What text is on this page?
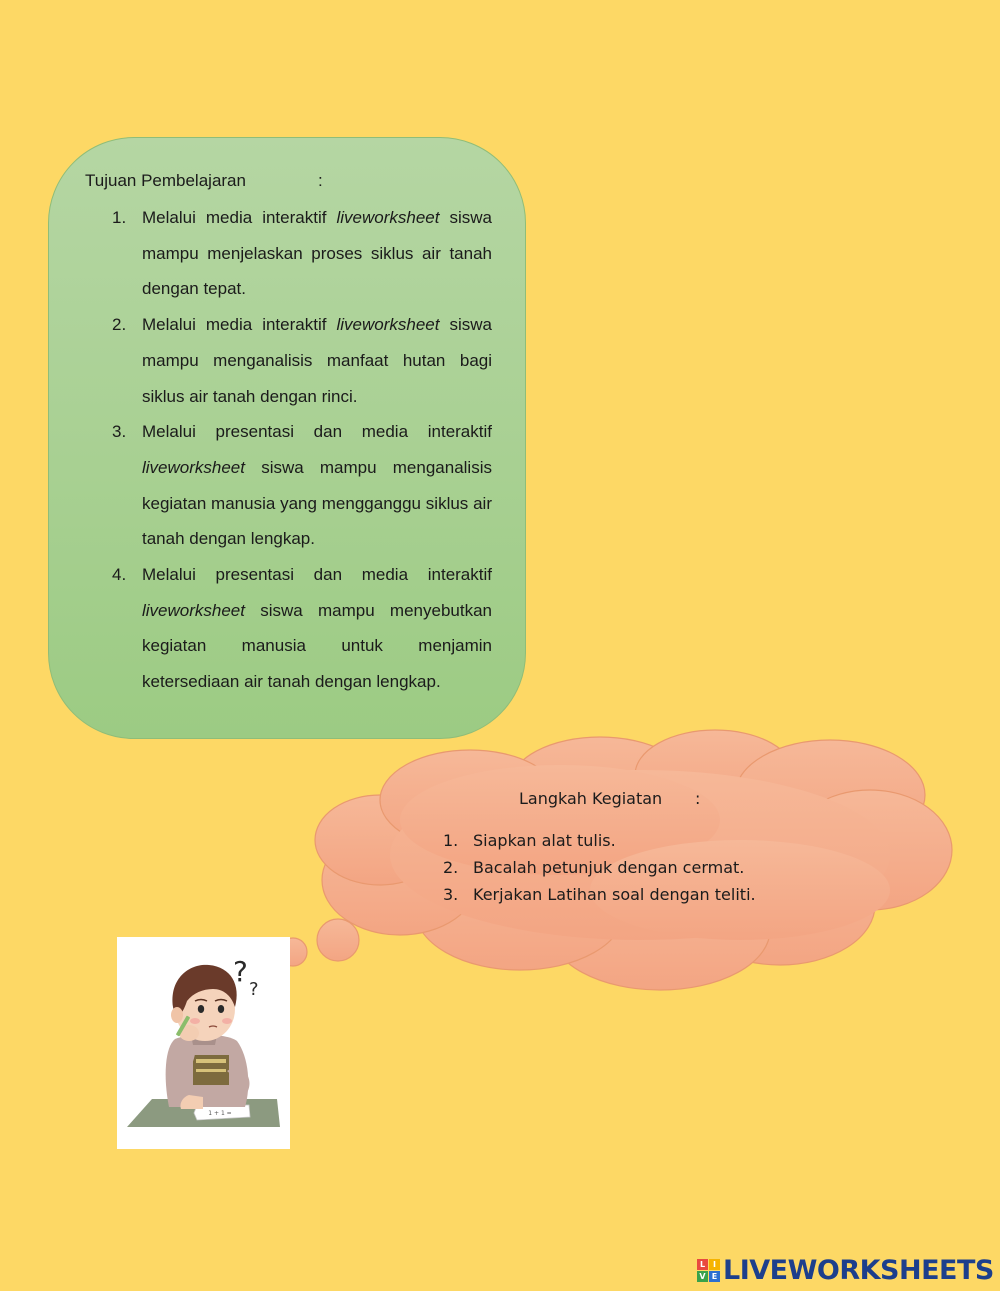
Tujuan Pembelajaran	:
1. Melalui media interaktif liveworksheet siswa mampu menjelaskan proses siklus air tanah dengan tepat.
2. Melalui media interaktif liveworksheet siswa mampu menganalisis manfaat hutan bagi siklus air tanah dengan rinci.
3. Melalui presentasi dan media interaktif liveworksheet siswa mampu menganalisis kegiatan manusia yang mengganggu siklus air tanah dengan lengkap.
4. Melalui presentasi dan media interaktif liveworksheet siswa mampu menyebutkan kegiatan manusia untuk menjamin ketersediaan air tanah dengan lengkap.
Langkah Kegiatan :
1. Siapkan alat tulis.
2. Bacalah petunjuk dengan cermat.
3. Kerjakan Latihan soal dengan teliti.
1 + 1 =
?
?
L I
V E LIVEWORKSHEETS
